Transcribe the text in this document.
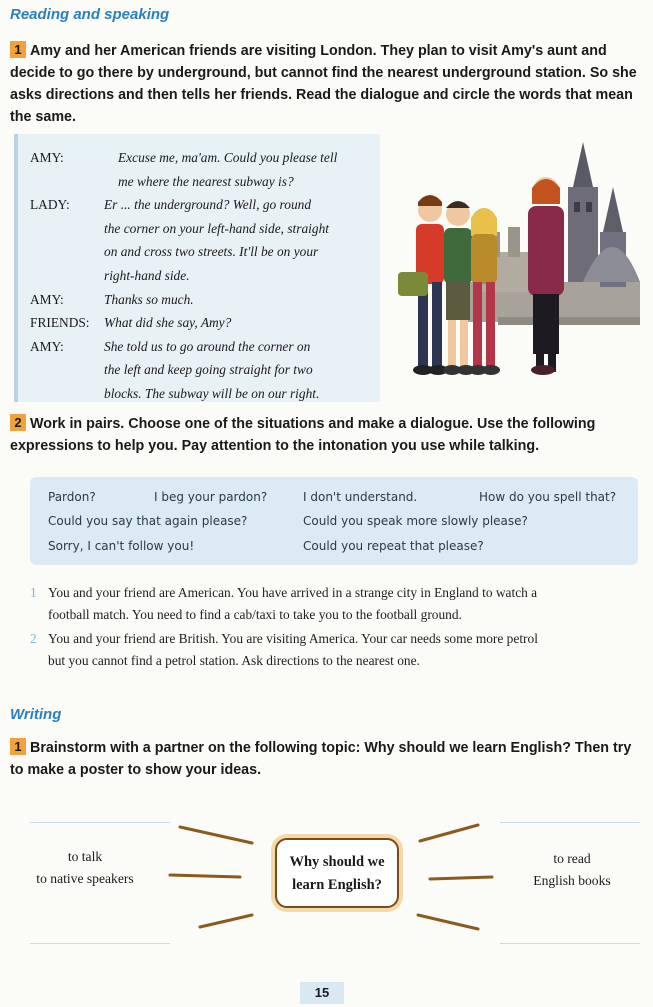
Reading and speaking
1 Amy and her American friends are visiting London. They plan to visit Amy's aunt and decide to go there by underground, but cannot find the nearest underground station. So she asks directions and then tells her friends. Read the dialogue and circle the words that mean the same.
AMY:	Excuse me, ma'am. Could you please tell
me where the nearest subway is?

LADY:	Er ... the underground? Well, go round
the corner on your left-hand side, straight
on and cross two streets. It'll be on your
right-hand side.

AMY:	Thanks so much.

FRIENDS:	What did she say, Amy?

AMY:	She told us to go around the corner on
the left and keep going straight for two
blocks. The subway will be on our right.
2 Work in pairs. Choose one of the situations and make a dialogue. Use the following expressions to help you. Pay attention to the intonation you use while talking.
Pardon?	I beg your pardon?	I don't understand.	How do you spell that?
Could you say that again please?	Could you speak more slowly please?
Sorry, I can't follow you!	Could you repeat that please?
1 You and your friend are American. You have arrived in a strange city in England to watch a
football match. You need to find a cab/taxi to take you to the football ground.
2 You and your friend are British. You are visiting America. Your car needs some more petrol
but you cannot find a petrol station. Ask directions to the nearest one.
Writing
1 Brainstorm with a partner on the following topic: Why should we learn English? Then try to make a poster to show your ideas.
to talk
to native speakers
to read
English books
Why should we
learn English?
15
